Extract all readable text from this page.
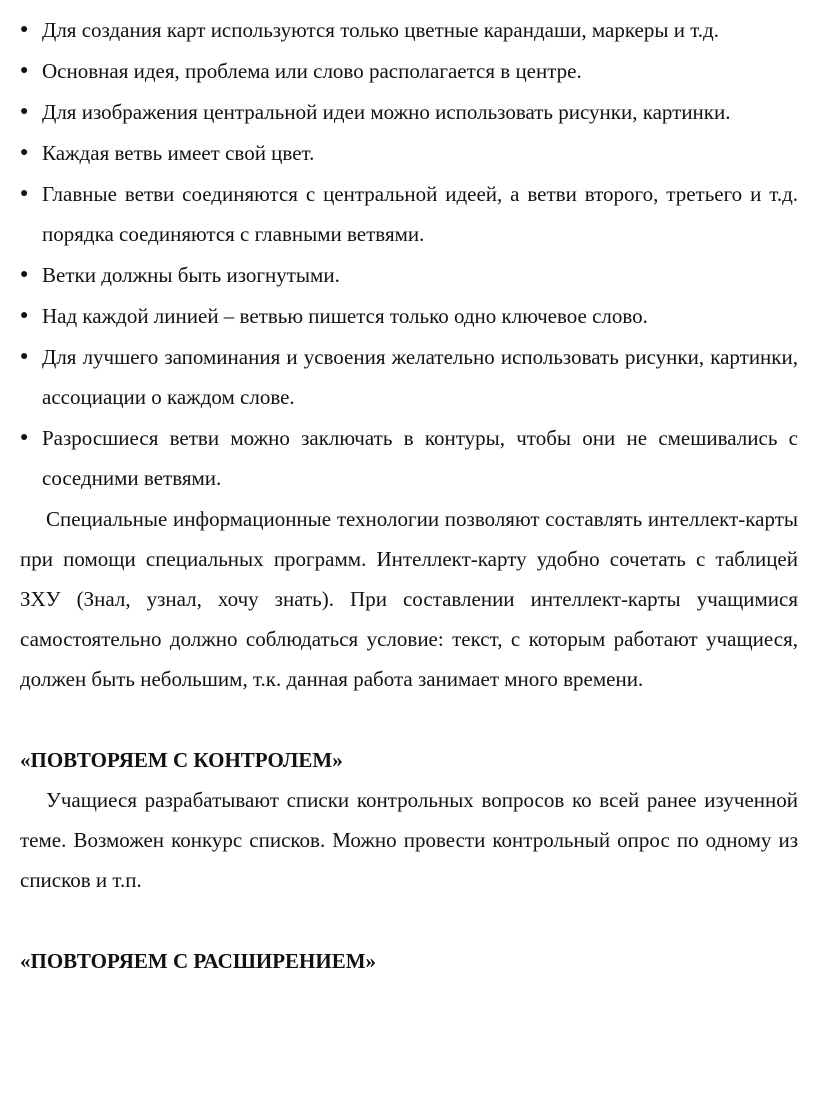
● Для создания карт используются только цветные карандаши, маркеры и т.д.
● Основная идея, проблема или слово располагается в центре.
● Для изображения центральной идеи можно использовать рисунки, картинки.
● Каждая ветвь имеет свой цвет.
● Главные ветви соединяются с центральной идеей, а ветви второго, третьего и т.д. порядка соединяются с главными ветвями.
● Ветки должны быть изогнутыми.
● Над каждой линией – ветвью пишется только одно ключевое слово.
● Для лучшего запоминания и усвоения желательно использовать рисунки, картинки, ассоциации о каждом слове.
● Разросшиеся ветви можно заключать в контуры, чтобы они не смешивались с соседними ветвями.

Специальные информационные технологии позволяют составлять интеллект-карты при помощи специальных программ. Интеллект-карту удобно сочетать с таблицей ЗХУ (Знал, узнал, хочу знать). При составлении интеллект-карты учащимися самостоятельно должно соблюдаться условие: текст, с которым работают учащиеся, должен быть небольшим, т.к. данная работа занимает много времени.

«ПОВТОРЯЕМ С КОНТРОЛЕМ»

Учащиеся разрабатывают списки контрольных вопросов ко всей ранее изученной теме. Возможен конкурс списков. Можно провести контрольный опрос по одному из списков и т.п.

«ПОВТОРЯЕМ С РАСШИРЕНИЕМ»
